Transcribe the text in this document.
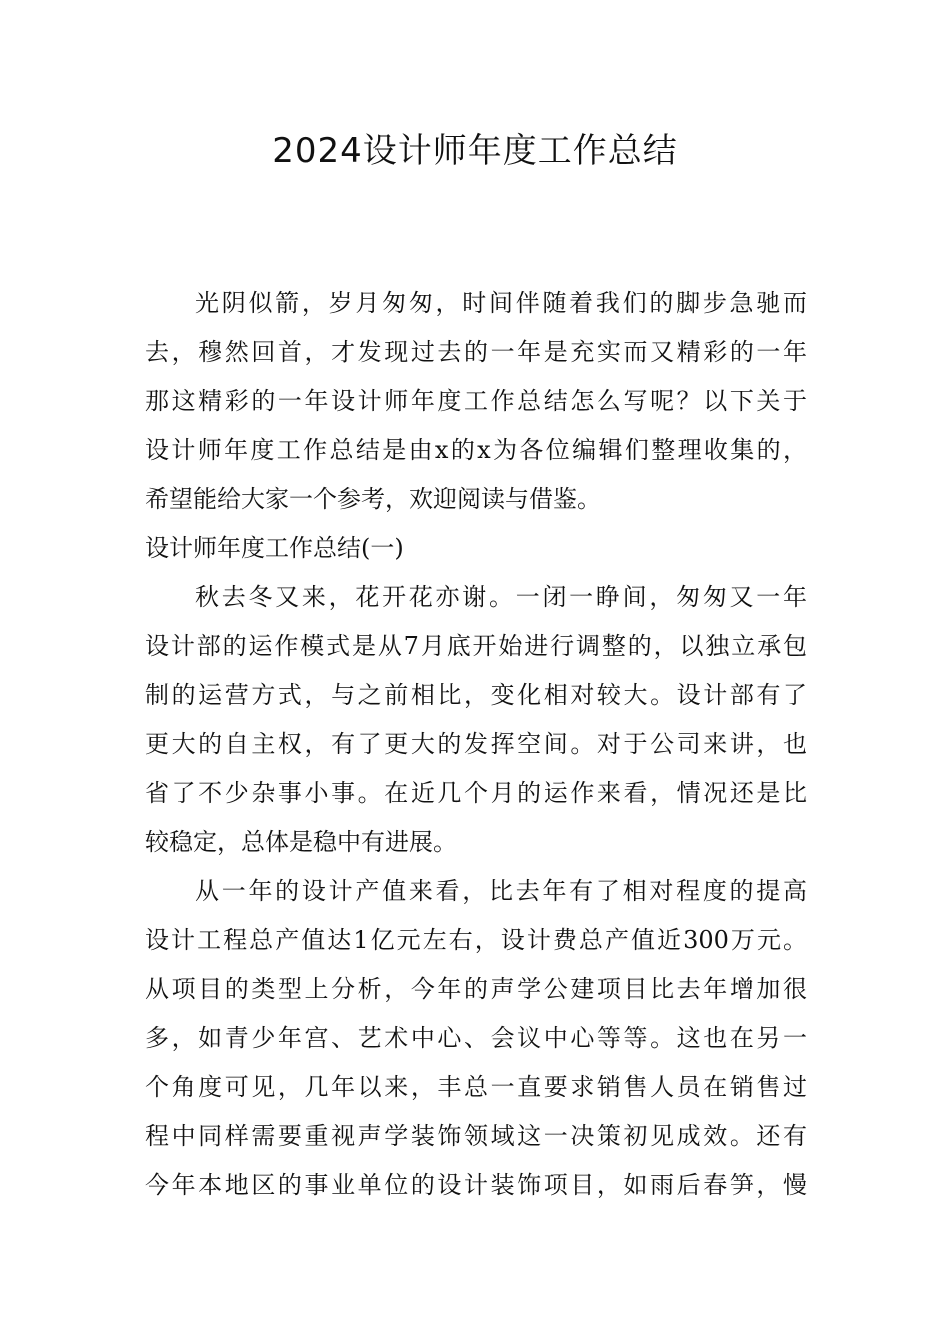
2024设计师年度工作总结
光阴似箭，岁月匆匆，时间伴随着我们的脚步急驰而
去，穆然回首，才发现过去的一年是充实而又精彩的一年
那这精彩的一年设计师年度工作总结怎么写呢？以下关于
设计师年度工作总结是由x的x为各位编辑们整理收集的，
希望能给大家一个参考，欢迎阅读与借鉴。
设计师年度工作总结(一)
秋去冬又来，花开花亦谢。一闭一睁间，匆匆又一年
设计部的运作模式是从7月底开始进行调整的，以独立承包
制的运营方式，与之前相比，变化相对较大。设计部有了
更大的自主权，有了更大的发挥空间。对于公司来讲，也
省了不少杂事小事。在近几个月的运作来看，情况还是比
较稳定，总体是稳中有进展。
从一年的设计产值来看，比去年有了相对程度的提高
设计工程总产值达1亿元左右，设计费总产值近300万元。
从项目的类型上分析，今年的声学公建项目比去年增加很
多，如青少年宫、艺术中心、会议中心等等。这也在另一
个角度可见，几年以来，丰总一直要求销售人员在销售过
程中同样需要重视声学装饰领域这一决策初见成效。还有
今年本地区的事业单位的设计装饰项目，如雨后春笋，慢
